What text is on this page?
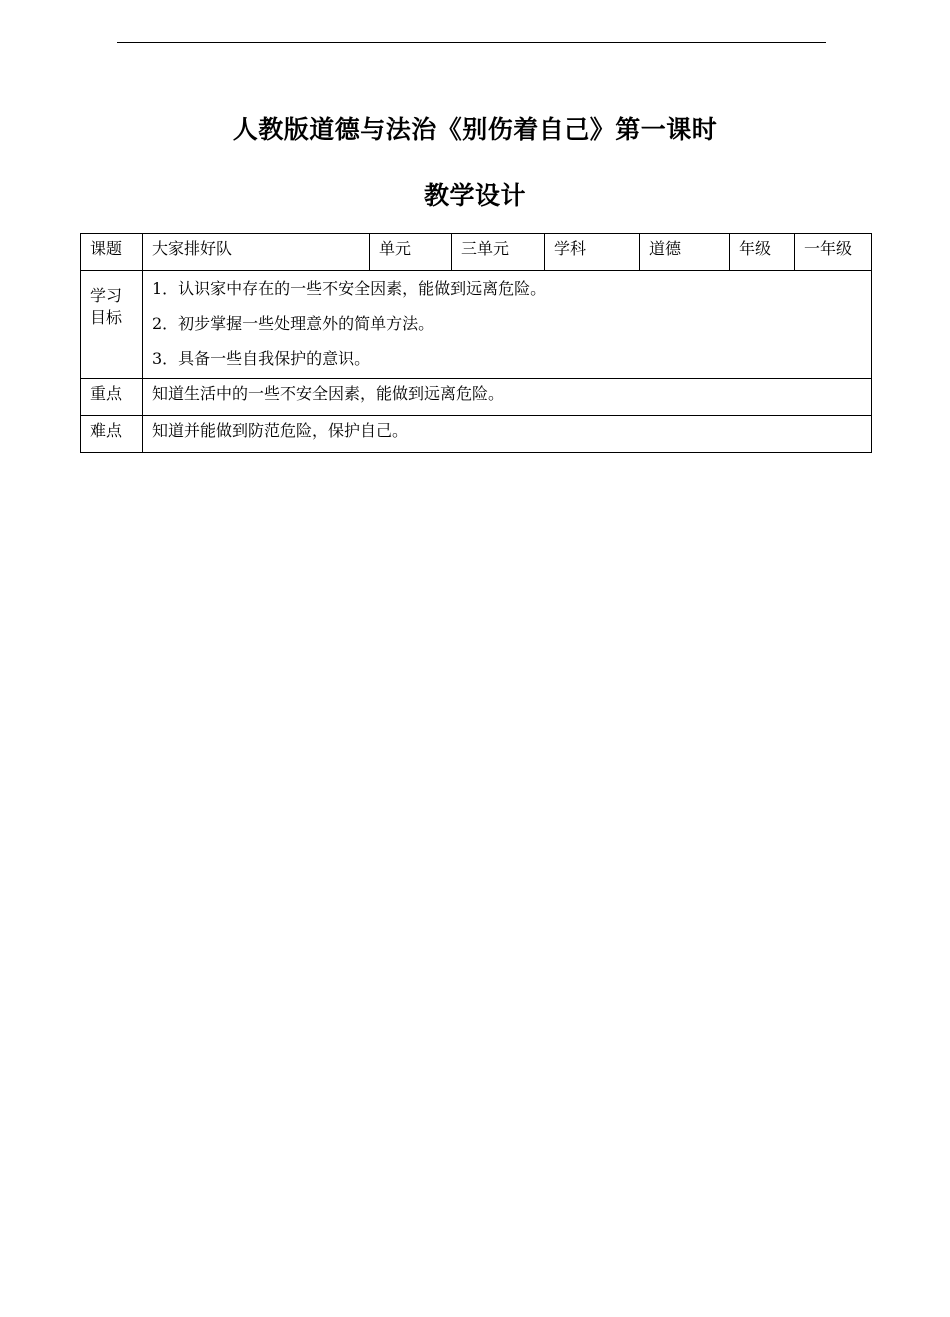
人教版道德与法治《别伤着自己》第一课时
教学设计
课题	大家排好队	单元	三单元	学科	道德	年级	一年级

学习
目标	1．认识家中存在的一些不安全因素，能做到远离危险。
2．初步掌握一些处理意外的简单方法。
3．具备一些自我保护的意识。						

重点	知道生活中的一些不安全因素，能做到远离危险。						
难点	知道并能做到防范危险，保护自己。						
